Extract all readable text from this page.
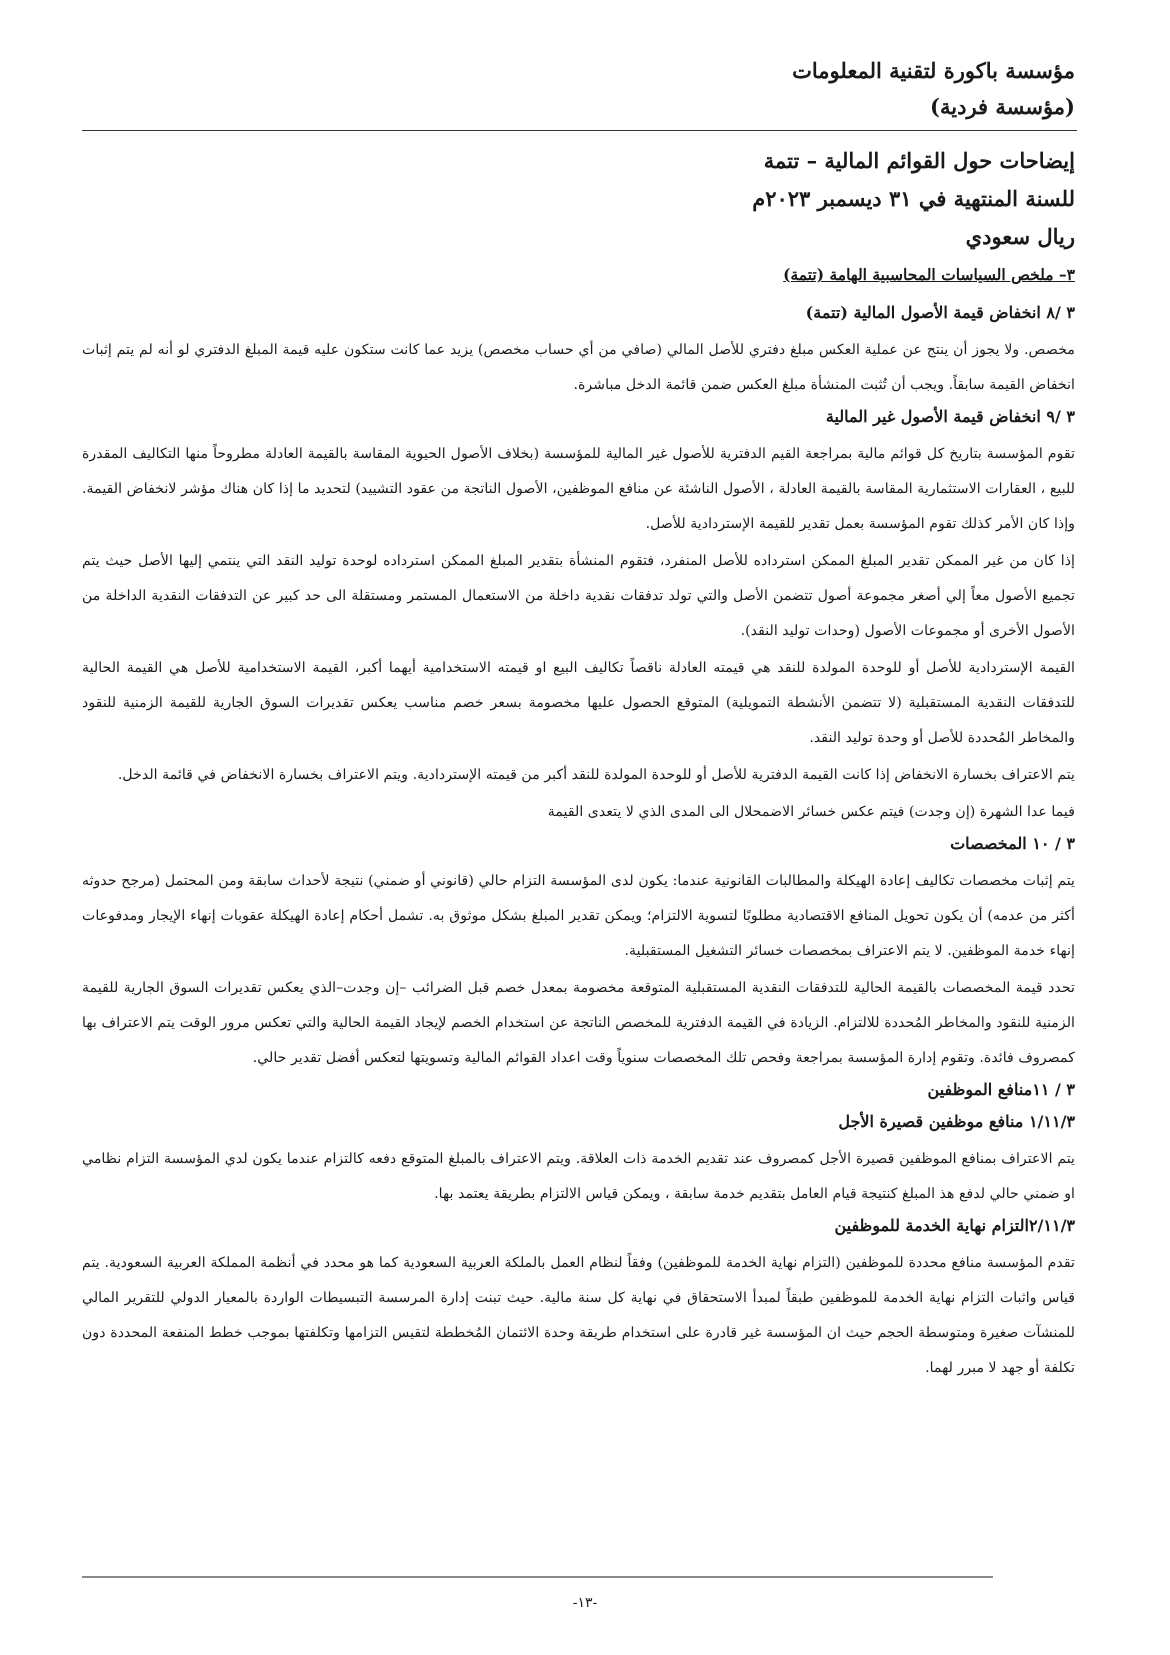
مؤسسة باكورة لتقنية المعلومات
(مؤسسة فردية)
إيضاحات حول القوائم المالية – تتمة
للسنة المنتهية في ٣١ ديسمبر ٢٠٢٣م
ريال سعودي
٣– ملخص السياسات المحاسبية الهامة (تتمة)
٣ /٨ انخفاض قيمة الأصول المالية (تتمة)

مخصص. ولا يجوز أن ينتج عن عملية العكس مبلغ دفتري للأصل المالي (صافي من أي حساب مخصص) يزيد عما كانت ستكون عليه قيمة المبلغ الدفتري لو أنه لم يتم إثبات انخفاض القيمة سابقاً. ويجب أن تُثبت المنشأة مبلغ العكس ضمن قائمة الدخل مباشرة.

٣ /٩ انخفاض قيمة الأصول غير المالية

تقوم المؤسسة بتاريخ كل قوائم مالية بمراجعة القيم الدفترية للأصول غير المالية للمؤسسة (بخلاف الأصول الحيوية المقاسة بالقيمة العادلة مطروحاً منها التكاليف المقدرة للبيع ، العقارات الاستثمارية المقاسة بالقيمة العادلة ، الأصول الناشئة عن منافع الموظفين، الأصول الناتجة من عقود التشييد) لتحديد ما إذا كان هناك مؤشر لانخفاض القيمة. وإذا كان الأمر كذلك تقوم المؤسسة بعمل تقدير للقيمة الإستردادية للأصل.

إذا كان من غير الممكن تقدير المبلغ الممكن استرداده للأصل المنفرد، فتقوم المنشأة بتقدير المبلغ الممكن استرداده لوحدة توليد النقد التي ينتمي إليها الأصل حيث يتم تجميع الأصول معاً إلي أصغر مجموعة أصول تتضمن الأصل والتي تولد تدفقات نقدية داخلة من الاستعمال المستمر ومستقلة الى حد كبير عن التدفقات النقدية الداخلة من الأصول الأخرى أو مجموعات الأصول (وحدات توليد النقد).

القيمة الإستردادية للأصل أو للوحدة المولدة للنقد هي قيمته العادلة ناقصاً تكاليف البيع او قيمته الاستخدامية أيهما أكبر، القيمة الاستخدامية للأصل هي القيمة الحالية للتدفقات النقدية المستقبلية (لا تتضمن الأنشطة التمويلية) المتوقع الحصول عليها مخصومة بسعر خصم مناسب يعكس تقديرات السوق الجارية للقيمة الزمنية للنقود والمخاطر المُحددة للأصل أو وحدة توليد النقد.

يتم الاعتراف بخسارة الانخفاض إذا كانت القيمة الدفترية للأصل أو للوحدة المولدة للنقد أكبر من قيمته الإستردادية. ويتم الاعتراف بخسارة الانخفاض في قائمة الدخل.

فيما عدا الشهرة (إن وجدت) فيتم عكس خسائر الاضمحلال الى المدى الذي لا يتعدى القيمة

٣ / ١٠ المخصصات

يتم إثبات مخصصات تكاليف إعادة الهيكلة والمطالبات القانونية عندما: يكون لدى المؤسسة التزام حالي (قانوني أو ضمني) نتيجة لأحداث سابقة ومن المحتمل (مرجح حدوثه أكثر من عدمه) أن يكون تحويل المنافع الاقتصادية مطلوبًا لتسوية الالتزام؛ ويمكن تقدير المبلغ بشكل موثوق به. تشمل أحكام إعادة الهيكلة عقوبات إنهاء الإيجار ومدفوعات إنهاء خدمة الموظفين. لا يتم الاعتراف بمخصصات خسائر التشغيل المستقبلية.

تحدد قيمة المخصصات بالقيمة الحالية للتدفقات النقدية المستقبلية المتوقعة مخصومة بمعدل خصم قبل الضرائب –إن وجدت–الذي يعكس تقديرات السوق الجارية للقيمة الزمنية للنقود والمخاطر المُحددة للالتزام. الزيادة في القيمة الدفترية للمخصص الناتجة عن استخدام الخصم لإيجاد القيمة الحالية والتي تعكس مرور الوقت يتم الاعتراف بها كمصروف فائدة. وتقوم إدارة المؤسسة بمراجعة وفحص تلك المخصصات سنوياً وقت اعداد القوائم المالية وتسويتها لتعكس أفضل تقدير حالي.

٣ / ١١منافع الموظفين
١/١١/٣ منافع موظفين قصيرة الأجل

يتم الاعتراف بمنافع الموظفين قصيرة الأجل كمصروف عند تقديم الخدمة ذات العلاقة. ويتم الاعتراف بالمبلغ المتوقع دفعه كالتزام عندما يكون لدي المؤسسة التزام نظامي او ضمني حالي لدفع هذ المبلغ كنتيجة قيام العامل بتقديم خدمة سابقة ، ويمكن قياس الالتزام بطريقة يعتمد بها.

٢/١١/٣التزام نهاية الخدمة للموظفين

تقدم المؤسسة منافع محددة للموظفين (التزام نهاية الخدمة للموظفين) وفقاً لنظام العمل بالملكة العربية السعودية كما هو محدد في أنظمة المملكة العربية السعودية. يتم قياس واثبات التزام نهاية الخدمة للموظفين طبقاً لمبدأ الاستحقاق في نهاية كل سنة مالية. حيث تبنت إدارة المرسسة التبسيطات الواردة بالمعيار الدولي للتقرير المالي للمنشآت صغيرة ومتوسطة الحجم حيث ان المؤسسة غير قادرة على استخدام طريقة وحدة الائتمان المُخططة لتقيس التزامها وتكلفتها بموجب خطط المنفعة المحددة دون تكلفة أو جهد لا مبرر لهما.

-١٣-
